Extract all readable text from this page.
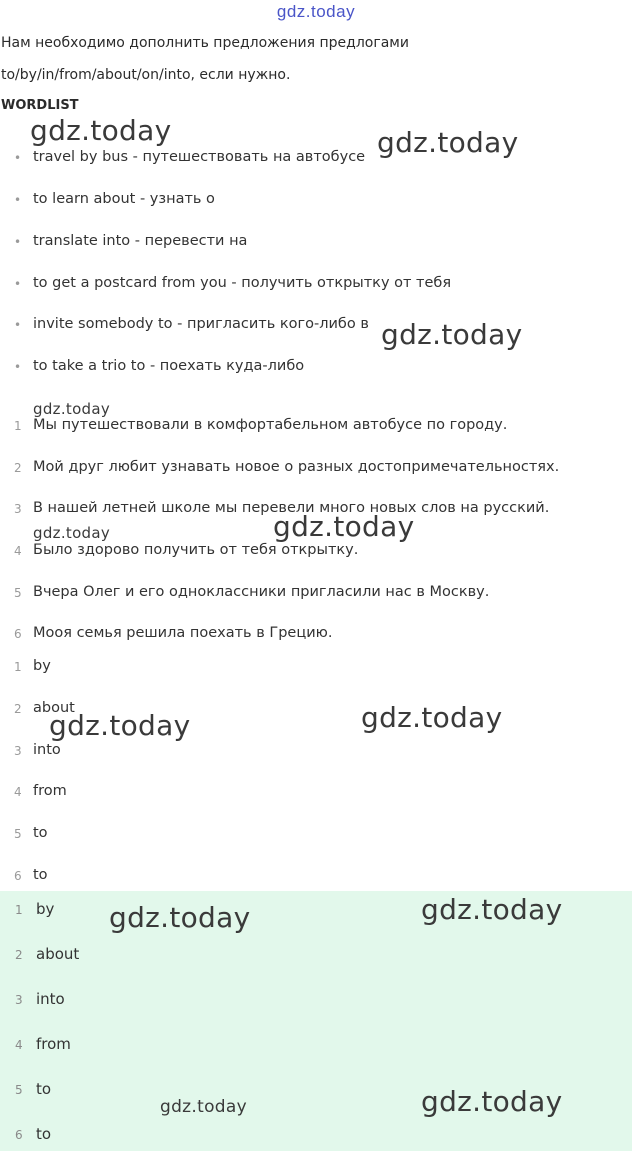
gdz.today
Нам необходимо дополнить предложения предлогами
to/by/in/from/about/on/into, если нужно.
WORDLIST
• travel by bus - путешествовать на автобусе
• to learn about - узнать о
• translate into - перевести на
• to get a postcard from you - получить открытку от тебя
• invite somebody to - пригласить кого-либо в
• to take a trio to - поехать куда-либо
1 Мы путешествовали в комфортабельном автобусе по городу.
2 Мой друг любит узнавать новое о разных достопримечательностях.
3 В нашей летней школе мы перевели много новых слов на русский.
4 Было здорово получить от тебя открытку.
5 Вчера Олег и его одноклассники пригласили нас в Москву.
6 Мооя семья решила поехать в Грецию.
1 by
2 about
3 into
4 from
5 to
6 to
1 by
2 about
3 into
4 from
5 to
6 to
gdz.today	gdz.today
gdz.today
gdz.today
gdz.today	gdz.today
gdz.today	gdz.today
gdz.today	gdz.today
gdz.today	gdz.today
